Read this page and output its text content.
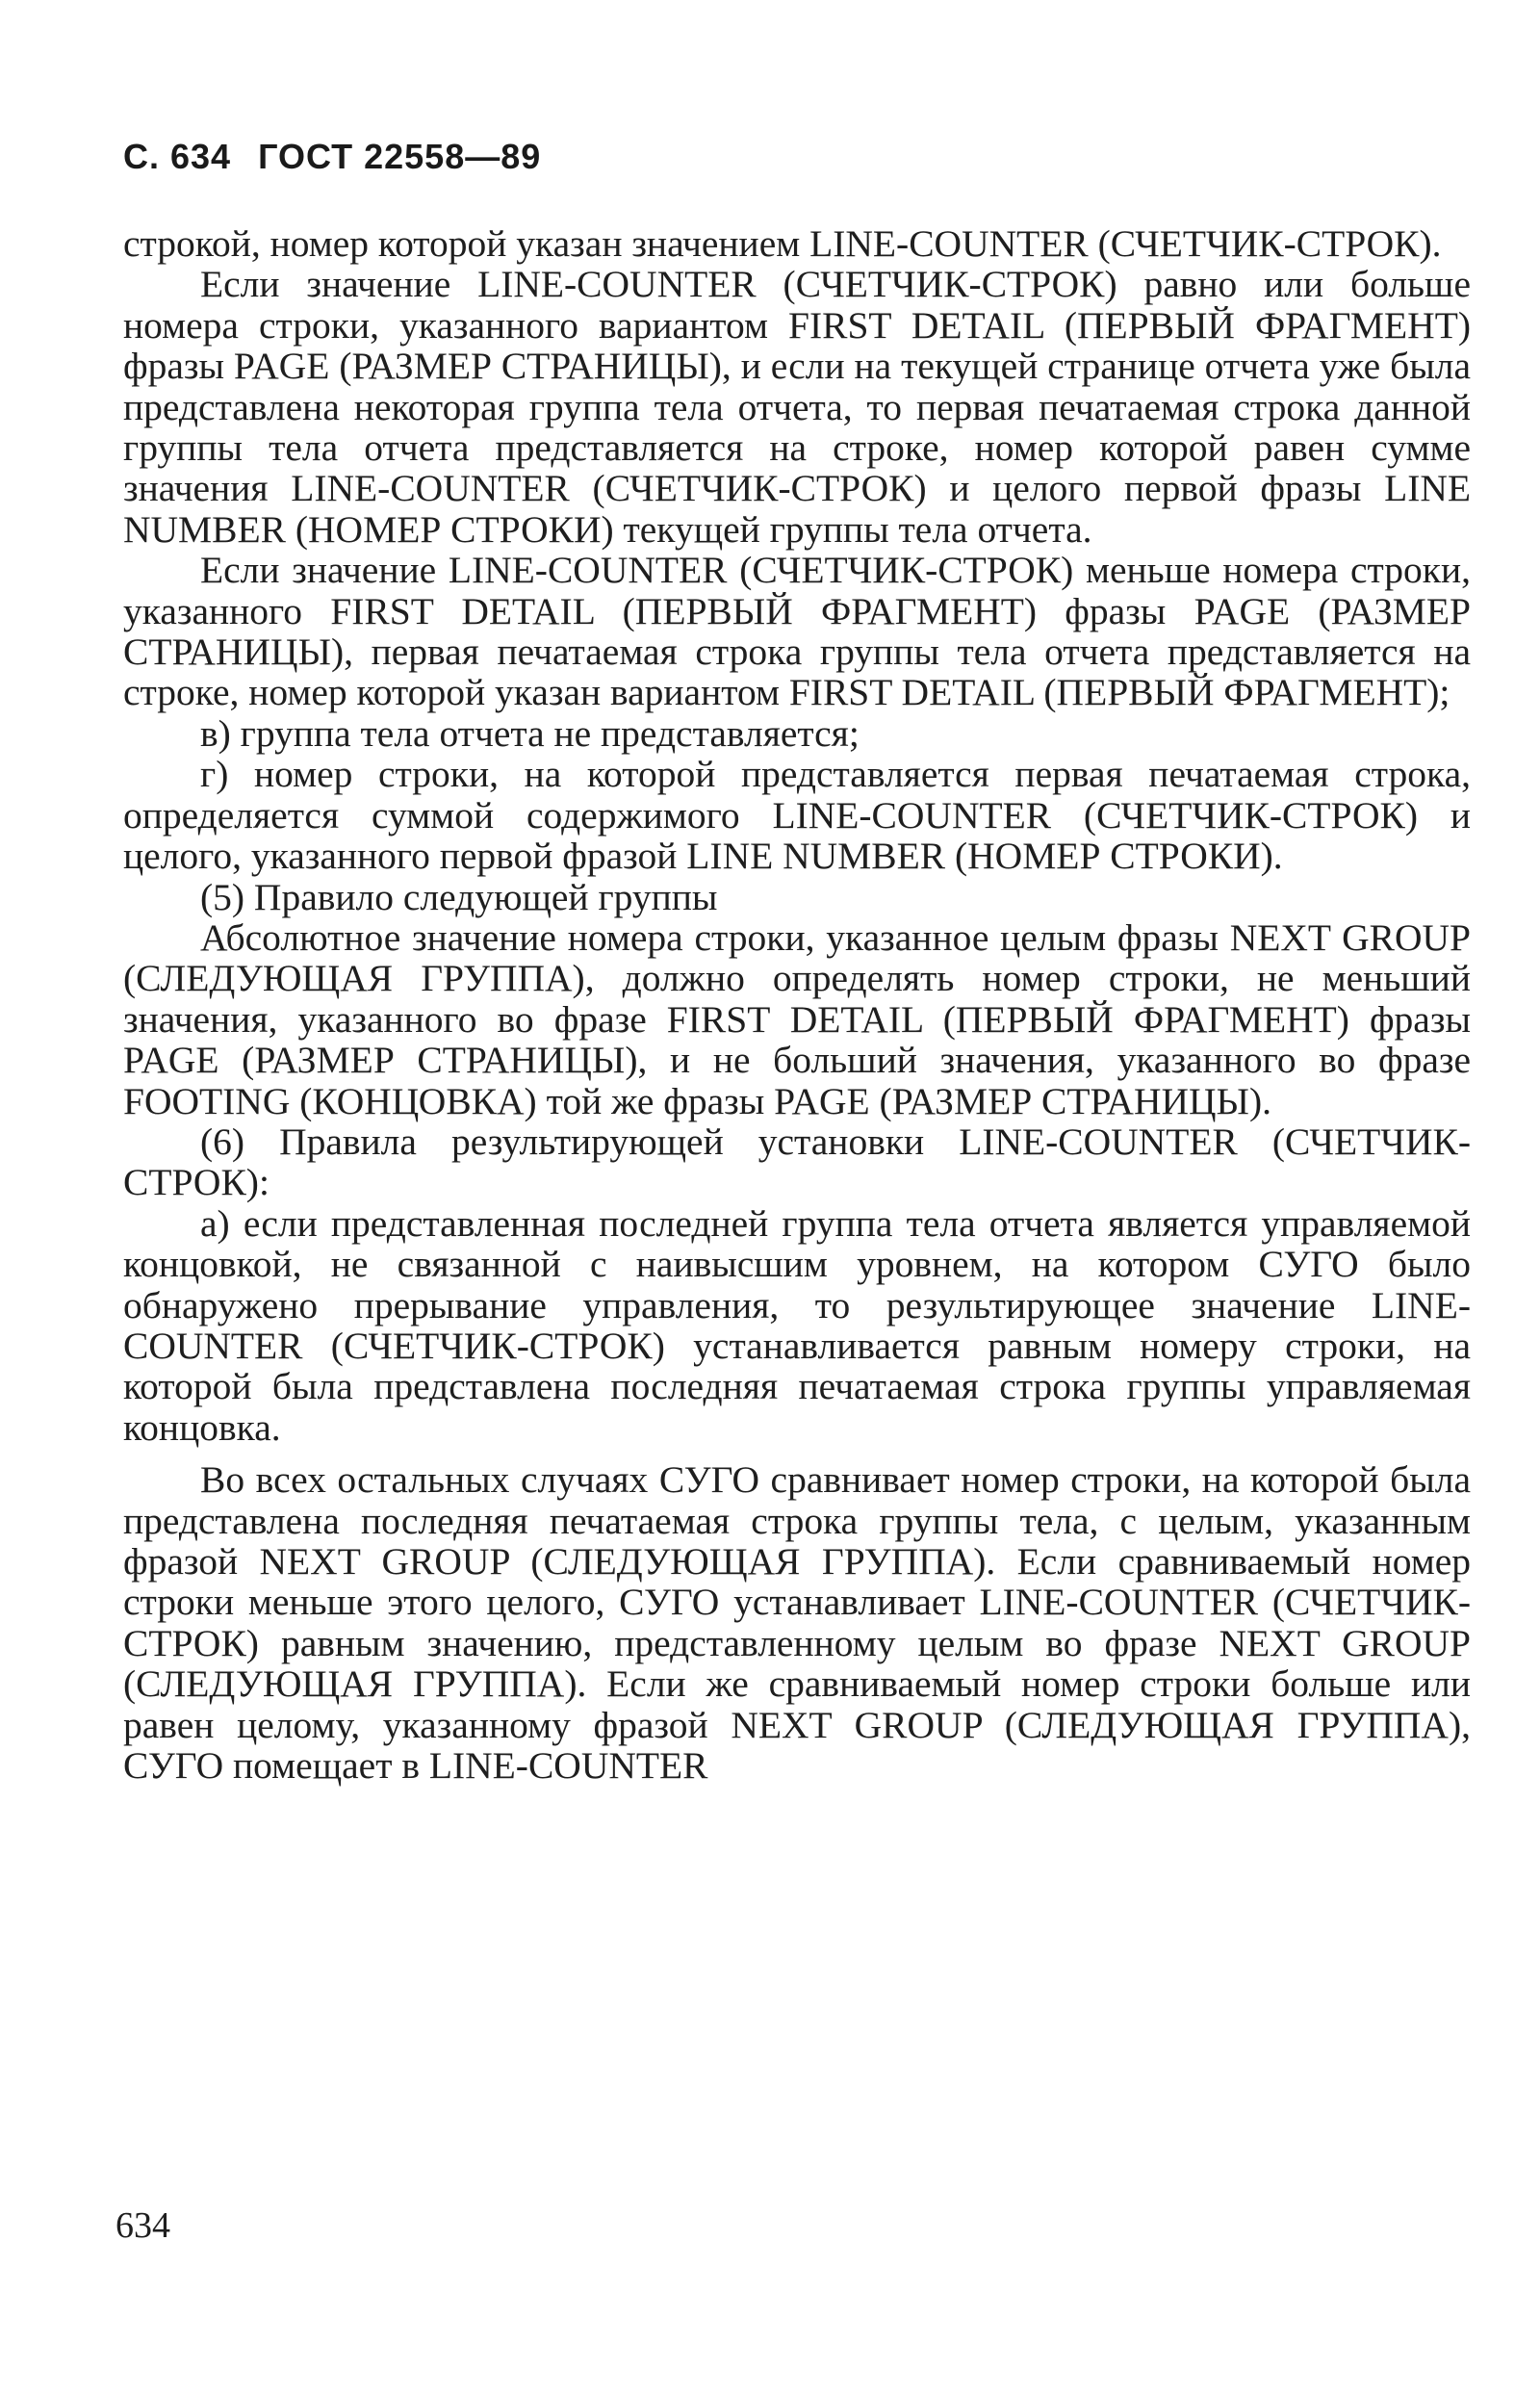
С. 634 ГОСТ 22558—89

строкой, номер которой указан значением LINE-COUNTER (СЧЕТЧИК-СТРОК).

Если значение LINE-COUNTER (СЧЕТЧИК-СТРОК) равно или больше номера строки, указанного вариантом FIRST DETAIL (ПЕРВЫЙ ФРАГМЕНТ) фразы PAGE (РАЗМЕР СТРАНИЦЫ), и если на текущей странице отчета уже была представлена некоторая группа тела отчета, то первая печатаемая строка данной группы тела отчета представляется на строке, номер которой равен сумме значения LINE-COUNTER (СЧЕТЧИК-СТРОК) и целого первой фразы LINE NUMBER (НОМЕР СТРОКИ) текущей группы тела отчета.

Если значение LINE-COUNTER (СЧЕТЧИК-СТРОК) меньше номера строки, указанного FIRST DETAIL (ПЕРВЫЙ ФРАГМЕНТ) фразы PAGE (РАЗМЕР СТРАНИЦЫ), первая печатаемая строка группы тела отчета представляется на строке, номер которой указан вариантом FIRST DETAIL (ПЕРВЫЙ ФРАГМЕНТ);

в) группа тела отчета не представляется;

г) номер строки, на которой представляется первая печатаемая строка, определяется суммой содержимого LINE-COUNTER (СЧЕТЧИК-СТРОК) и целого, указанного первой фразой LINE NUMBER (НОМЕР СТРОКИ).

(5) Правило следующей группы

Абсолютное значение номера строки, указанное целым фразы NEXT GROUP (СЛЕДУЮЩАЯ ГРУППА), должно определять номер строки, не меньший значения, указанного во фразе FIRST DETAIL (ПЕРВЫЙ ФРАГМЕНТ) фразы PAGE (РАЗМЕР СТРАНИЦЫ), и не больший значения, указанного во фразе FOOTING (КОНЦОВКА) той же фразы PAGE (РАЗМЕР СТРАНИЦЫ).

(6) Правила результирующей установки LINE-COUNTER (СЧЕТЧИК-СТРОК):

а) если представленная последней группа тела отчета является управляемой концовкой, не связанной с наивысшим уровнем, на котором СУГО было обнаружено прерывание управления, то результирующее значение LINE-COUNTER (СЧЕТЧИК-СТРОК) устанавливается равным номеру строки, на которой была представлена последняя печатаемая строка группы управляемая концовка.

Во всех остальных случаях СУГО сравнивает номер строки, на которой была представлена последняя печатаемая строка группы тела, с целым, указанным фразой NEXT GROUP (СЛЕДУЮЩАЯ ГРУППА). Если сравниваемый номер строки меньше этого целого, СУГО устанавливает LINE-COUNTER (СЧЕТЧИК-СТРОК) равным значению, представленному целым во фразе NEXT GROUP (СЛЕДУЮЩАЯ ГРУППА). Если же сравниваемый номер строки больше или равен целому, указанному фразой NEXT GROUP (СЛЕДУЮЩАЯ ГРУППА), СУГО помещает в LINE-COUNTER

634
